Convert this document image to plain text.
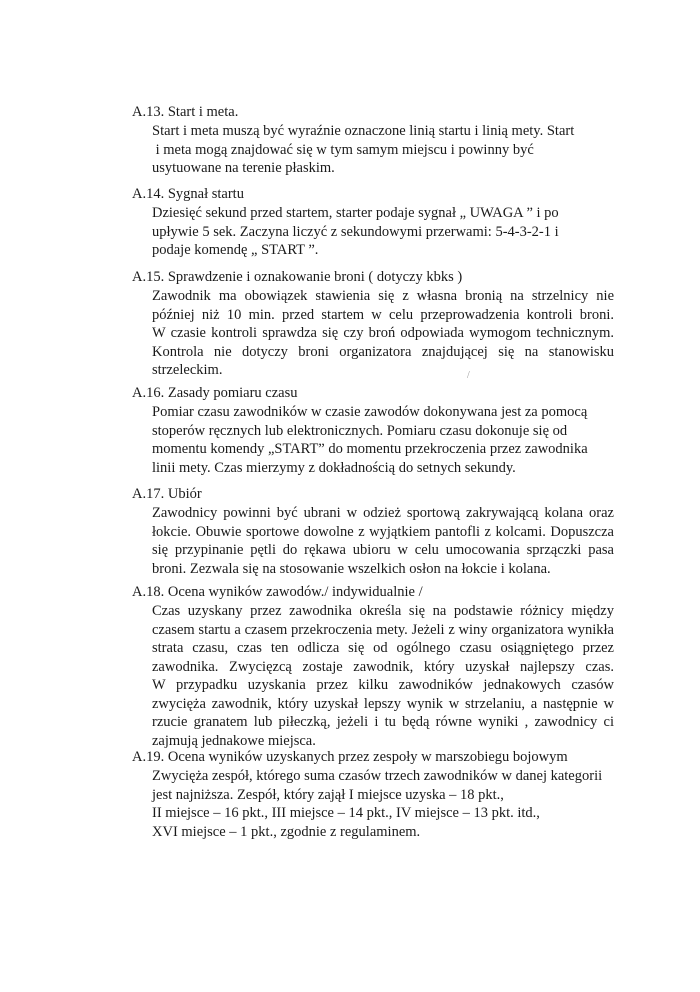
A.13. Start i meta.

Start i meta muszą być wyraźnie oznaczone linią startu i linią mety. Start
i meta mogą znajdować się w tym samym miejscu i powinny być
usytuowane na terenie płaskim.

A.14. Sygnał startu

Dziesięć sekund przed startem, starter podaje sygnał „ UWAGA ” i po
upływie 5 sek. Zaczyna liczyć z sekundowymi przerwami: 5-4-3-2-1 i
podaje komendę „ START ”.

A.15. Sprawdzenie i oznakowanie broni ( dotyczy kbks )

Zawodnik ma obowiązek stawienia się z własna bronią na strzelnicy nie
później niż 10 min. przed startem w celu przeprowadzenia kontroli broni.
W czasie kontroli sprawdza się czy broń odpowiada wymogom technicznym.
Kontrola nie dotyczy broni organizatora znajdującej się na stanowisku
strzeleckim.

A.16. Zasady pomiaru czasu

Pomiar czasu zawodników w czasie zawodów dokonywana jest za pomocą
stoperów ręcznych lub elektronicznych. Pomiaru czasu dokonuje się od
momentu komendy „START” do momentu przekroczenia przez zawodnika
linii mety. Czas mierzymy z dokładnością do setnych sekundy.

A.17. Ubiór

Zawodnicy powinni być ubrani w odzież sportową zakrywającą kolana oraz
łokcie. Obuwie sportowe dowolne z wyjątkiem pantofli z kolcami. Dopuszcza
się przypinanie pętli do rękawa ubioru w celu umocowania sprzączki pasa
broni. Zezwala się na stosowanie wszelkich osłon na łokcie i kolana.

A.18. Ocena wyników zawodów./ indywidualnie /

Czas uzyskany przez zawodnika określa się na podstawie różnicy między
czasem startu a czasem przekroczenia mety. Jeżeli z winy organizatora wynikła
strata czasu, czas ten odlicza się od ogólnego czasu osiągniętego przez
zawodnika. Zwycięzcą zostaje zawodnik, który uzyskał najlepszy czas.
W przypadku uzyskania przez kilku zawodników jednakowych czasów
zwycięża zawodnik, który uzyskał lepszy wynik w strzelaniu, a następnie w
rzucie granatem lub piłeczką, jeżeli i tu będą równe wyniki , zawodnicy ci
zajmują jednakowe miejsca.

A.19. Ocena wyników uzyskanych przez zespoły w marszobiegu bojowym

Zwycięża zespół, którego suma czasów trzech zawodników w danej kategorii
jest najniższa. Zespół, który zajął I miejsce uzyska – 18 pkt.,
II miejsce – 16 pkt., III miejsce – 14 pkt., IV miejsce – 13 pkt. itd.,
XVI miejsce – 1 pkt., zgodnie z regulaminem.
/
